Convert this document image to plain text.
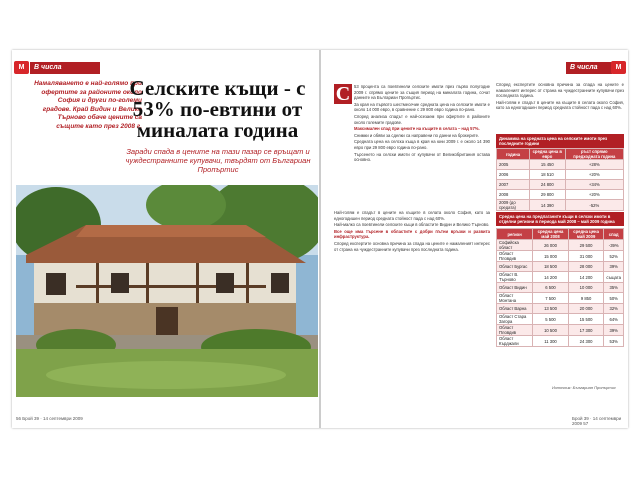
M	В числа
Намаляването е най-голямо при офертите за районите около София и други по-големи градове. Край Видин и Велико Търново обаче цените са същите като през 2008 г.
Селските къщи - с 53% по-евтини от миналата година
Заради спада в цените на тази пазар се връщат и чуждестранните купувачи, твърдят от Българиан Пропъртис
56 Брой 39 · 14 септември 2009
В числа	M
С 53 процента са поевтинели селските имоти през първо полугодие 2009 г. спрямо цените за същия период на миналата година, сочат данните на Българиан Пропъртис.

За края на първото шестмесечие средната цена на селските имоти е около 14 000 евро, в сравнение с 29 800 евро година по-рано.

Според анализа спадът е най-осезаем при офертите в районите около големите градове.

Максимален спад при цените на къщите в селата – над 57%.

Снимки и обяви за сделки са направени по данни на брокерите.

Средната цена на селска къща в края на юни 2009 г. е около 14 390 евро при 29 800 евро година по-рано.

Търсенето на селски имоти от купувачи от Великобритания остава основно.

Най-голям е спадът в цените на къщите в селата около София, като за едногодишен период средната стойност пада с над 60%.

Най-малко са поевтинели селските къщи в областите Видин и Велико Търново.

Все още има търсене в областите с добри пътни връзки и развита инфраструктура.

Според експертите основна причина за спада на цените е намаленият интерес от страна на чуждестранните купувачи през последната година.

Според експертите основна причина за спада на цените е намаленият интерес от страна на чуждестранните купувачи през последната година.

Най-голям е спадът в цените на къщите в селата около София, като за едногодишен период средната стойност пада с над 60%.

Динамика на средната цена на селските имоти през последните години
година	средна цена в евро	ръст спрямо предходната година
2005	15 450	+28%
2006	18 510	+20%
2007	24 800	+34%
2008	29 800	+20%
2009 (до средата)	14 390	-52%
Средна цена на предлаганите къщи в селски имоти в отделни региони в периода май 2008 – май 2009 година
регион	средна цена май 2008	средна цена май 2009	спад
Софийска област	26 000	29 500	-39%
Област Пловдив	15 000	31 000	52%
Област Бургас	18 500	28 000	39%
Област В. Търново	14 200	14 200	същата
Област Видин	6 500	10 000	35%
Област Монтана	7 500	9 850	50%
Област Варна	13 500	20 000	32%
Област Стара Загора	5 500	15 500	64%
Област Пловдив	10 500	17 300	39%
Област Кърджали	11 300	24 300	53%
Източник: Българиан Пропъртис
Брой 39 · 14 септември 2009 57
